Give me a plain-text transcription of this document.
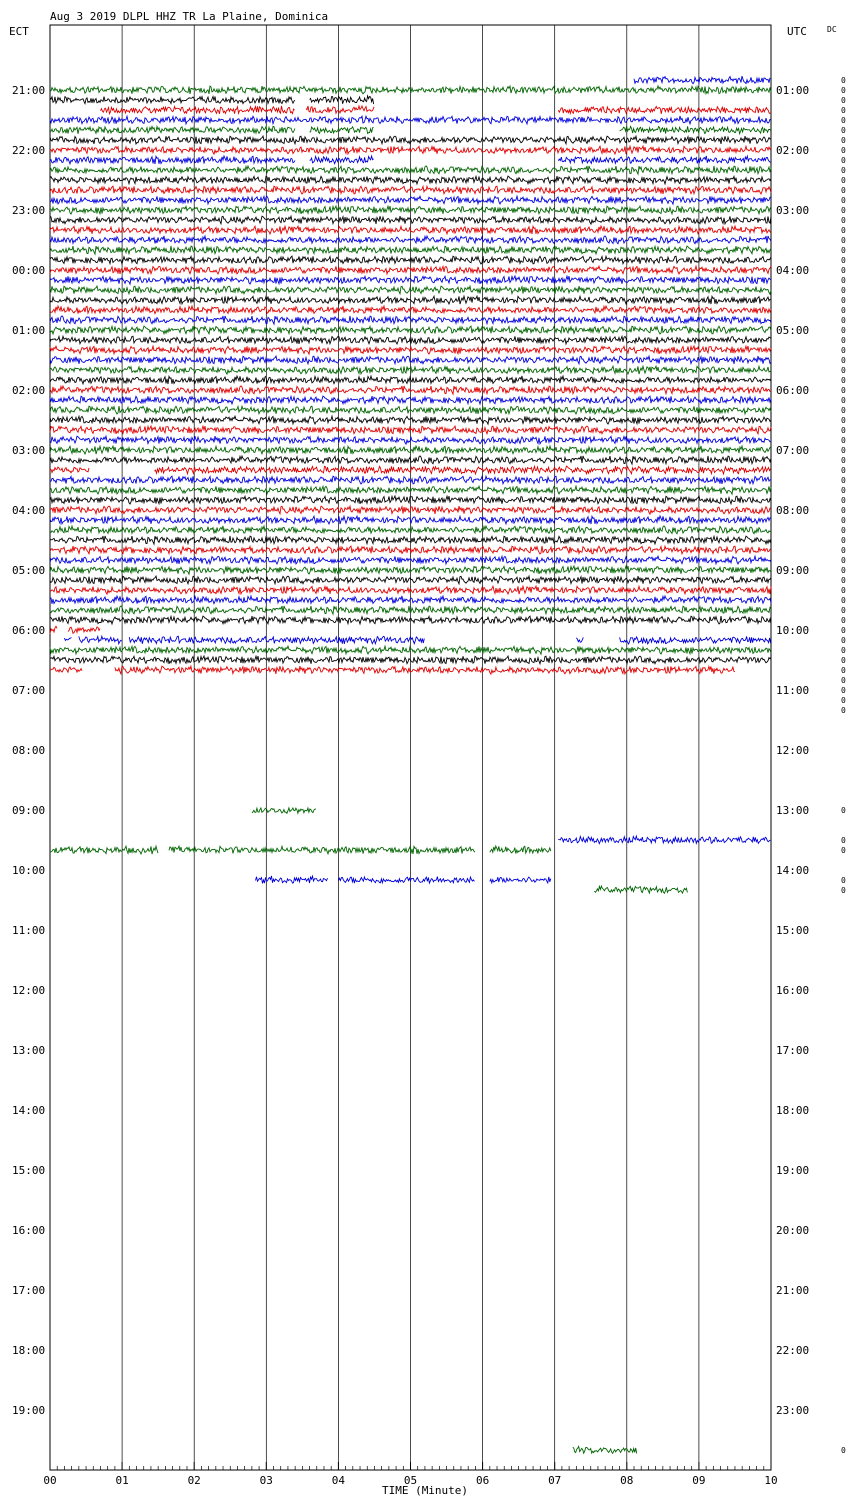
Aug 3 2019 DLPL HHZ TR La Plaine, Dominica
ECT	UTC	DC
21:00
22:00
23:00
00:00
01:00
02:00
03:00
04:00
05:00
06:00
07:00
08:00
09:00
10:00
11:00
12:00
13:00
14:00
15:00
16:00
17:00
18:00
19:00
01:00
02:00
03:00
04:00
05:00
06:00
07:00
08:00
09:00
10:00
11:00
12:00
13:00
14:00
15:00
16:00
17:00
18:00
19:00
20:00
21:00
22:00
23:00
0
0
0
0
0
0
0
0
0
0
0
0
0
0
0
0
0
0
0
0
0
0
0
0
0
0
0
0
0
0
0
0
0
0
0
0
0
0
0
0
0
0
0
0
0
0
0
0
0
0
0
0
0
0
0
0
0
0
0
0
0
0
0
0
0
0
0
0
0
0
00	01	02	03	04	05	06	07	08	09	10
TIME (Minute)
